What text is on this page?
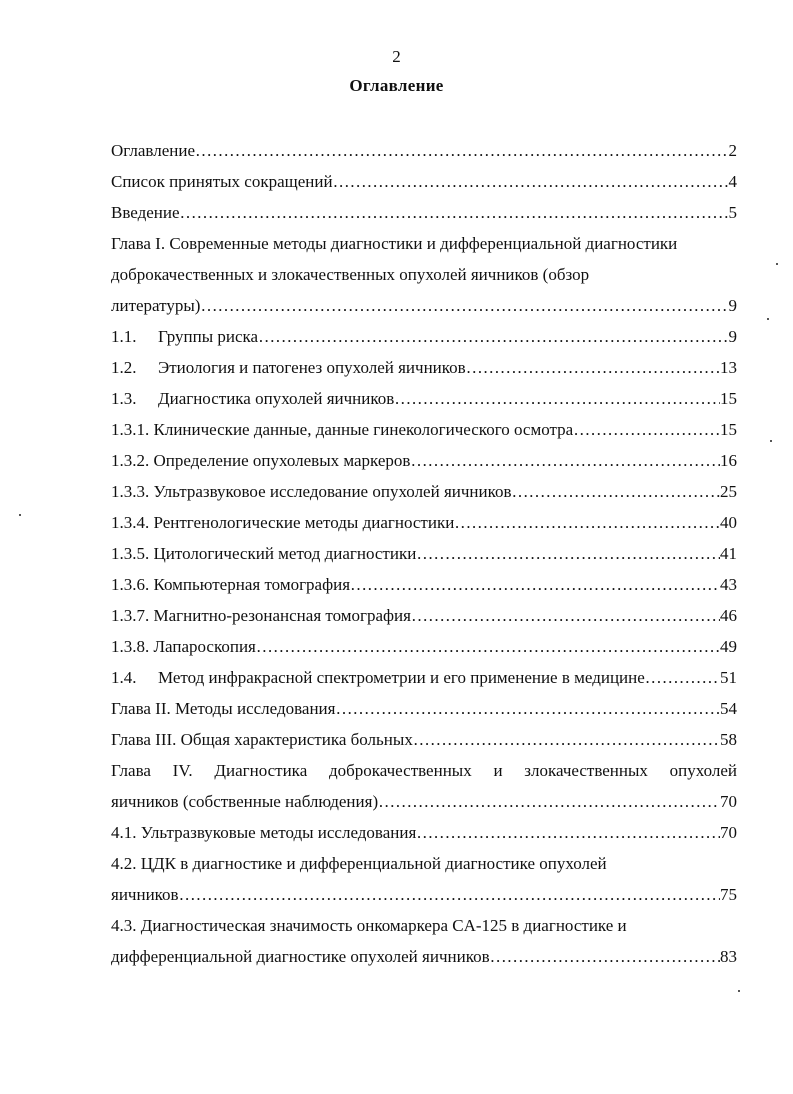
2
Оглавление
Оглавление …………………………………………………………………………………………………………………………………………	2
Список принятых сокращений …………………………………………………………………………………………………………………………………………	4
Введение …………………………………………………………………………………………………………………………………………	5
Глава I. Современные методы диагностики и дифференциальной диагностики
доброкачественных и злокачественных опухолей яичников (обзор
литературы) …………………………………………………………………………………………………………………………………………	9
1.1.	Группы риска …………………………………………………………………………………………………………………………………………	9
1.2.	Этиология и патогенез опухолей яичников …………………………………………………………………………………………………………………………………………	13
1.3.	Диагностика опухолей яичников …………………………………………………………………………………………………………………………………………	15
1.3.1. Клинические данные, данные гинекологического осмотра …………………………………………………………………………………………………………………………………………	15
1.3.2. Определение опухолевых маркеров …………………………………………………………………………………………………………………………………………	16
1.3.3. Ультразвуковое исследование опухолей яичников …………………………………………………………………………………………………………………………………………	25
1.3.4. Рентгенологические методы диагностики …………………………………………………………………………………………………………………………………………	40
1.3.5. Цитологический метод диагностики …………………………………………………………………………………………………………………………………………	41
1.3.6. Компьютерная томография …………………………………………………………………………………………………………………………………………	43
1.3.7. Магнитно-резонансная томография …………………………………………………………………………………………………………………………………………	46
1.3.8. Лапароскопия …………………………………………………………………………………………………………………………………………	49
1.4.	Метод инфракрасной спектрометрии и его применение в медицине …………………………………………………………………………………………………………………………………………	51
Глава II. Методы исследования …………………………………………………………………………………………………………………………………………	54
Глава III. Общая характеристика больных …………………………………………………………………………………………………………………………………………	58
Глава IV. Диагностика доброкачественных и злокачественных опухолей
яичников (собственные наблюдения) …………………………………………………………………………………………………………………………………………	70
4.1. Ультразвуковые методы исследования …………………………………………………………………………………………………………………………………………	70
4.2. ЦДК в диагностике и дифференциальной диагностике опухолей
яичников …………………………………………………………………………………………………………………………………………	75
4.3. Диагностическая значимость онкомаркера CA-125 в диагностике и
дифференциальной диагностике опухолей яичников …………………………………………………………………………………………………………………………………………	83
